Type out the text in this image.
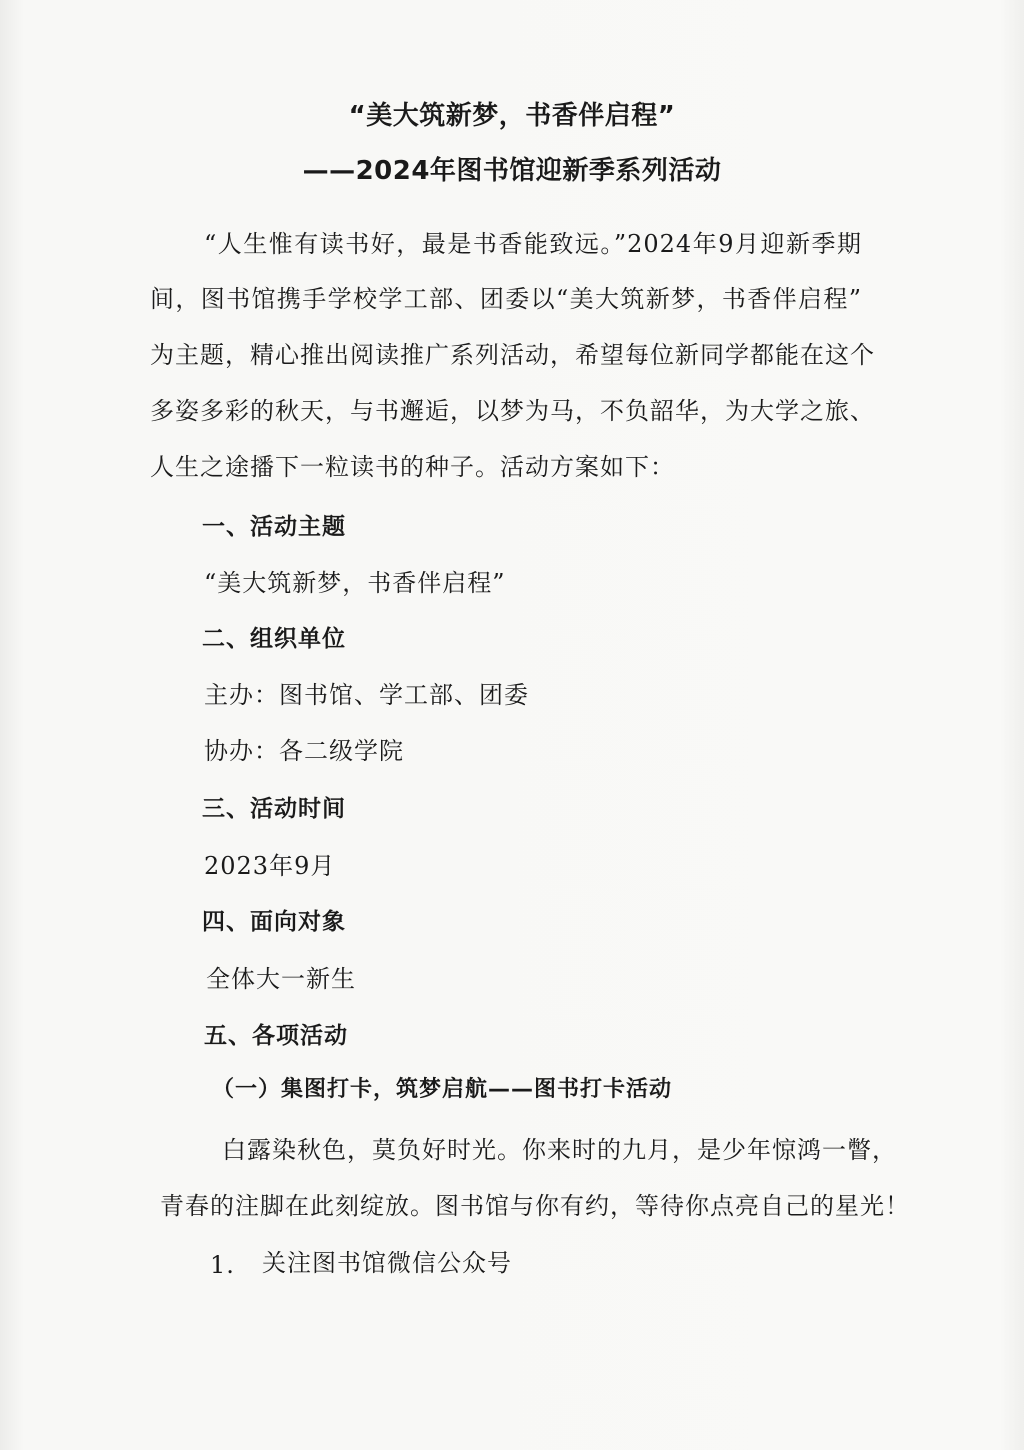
“美大筑新梦，书香伴启程”

——2024年图书馆迎新季系列活动

“人生惟有读书好，最是书香能致远。”2024年9月迎新季期

间，图书馆携手学校学工部、团委以“美大筑新梦，书香伴启程”

为主题，精心推出阅读推广系列活动，希望每位新同学都能在这个

多姿多彩的秋天，与书邂逅，以梦为马，不负韶华，为大学之旅、

人生之途播下一粒读书的种子。活动方案如下：

一、活动主题

“美大筑新梦，书香伴启程”

二、组织单位

主办：图书馆、学工部、团委

协办：各二级学院

三、活动时间

2023年9月

四、面向对象

全体大一新生

五、各项活动

（一）集图打卡，筑梦启航——图书打卡活动

白露染秋色，莫负好时光。你来时的九月，是少年惊鸿一瞥，

青春的注脚在此刻绽放。图书馆与你有约，等待你点亮自己的星光！

1. 关注图书馆微信公众号
